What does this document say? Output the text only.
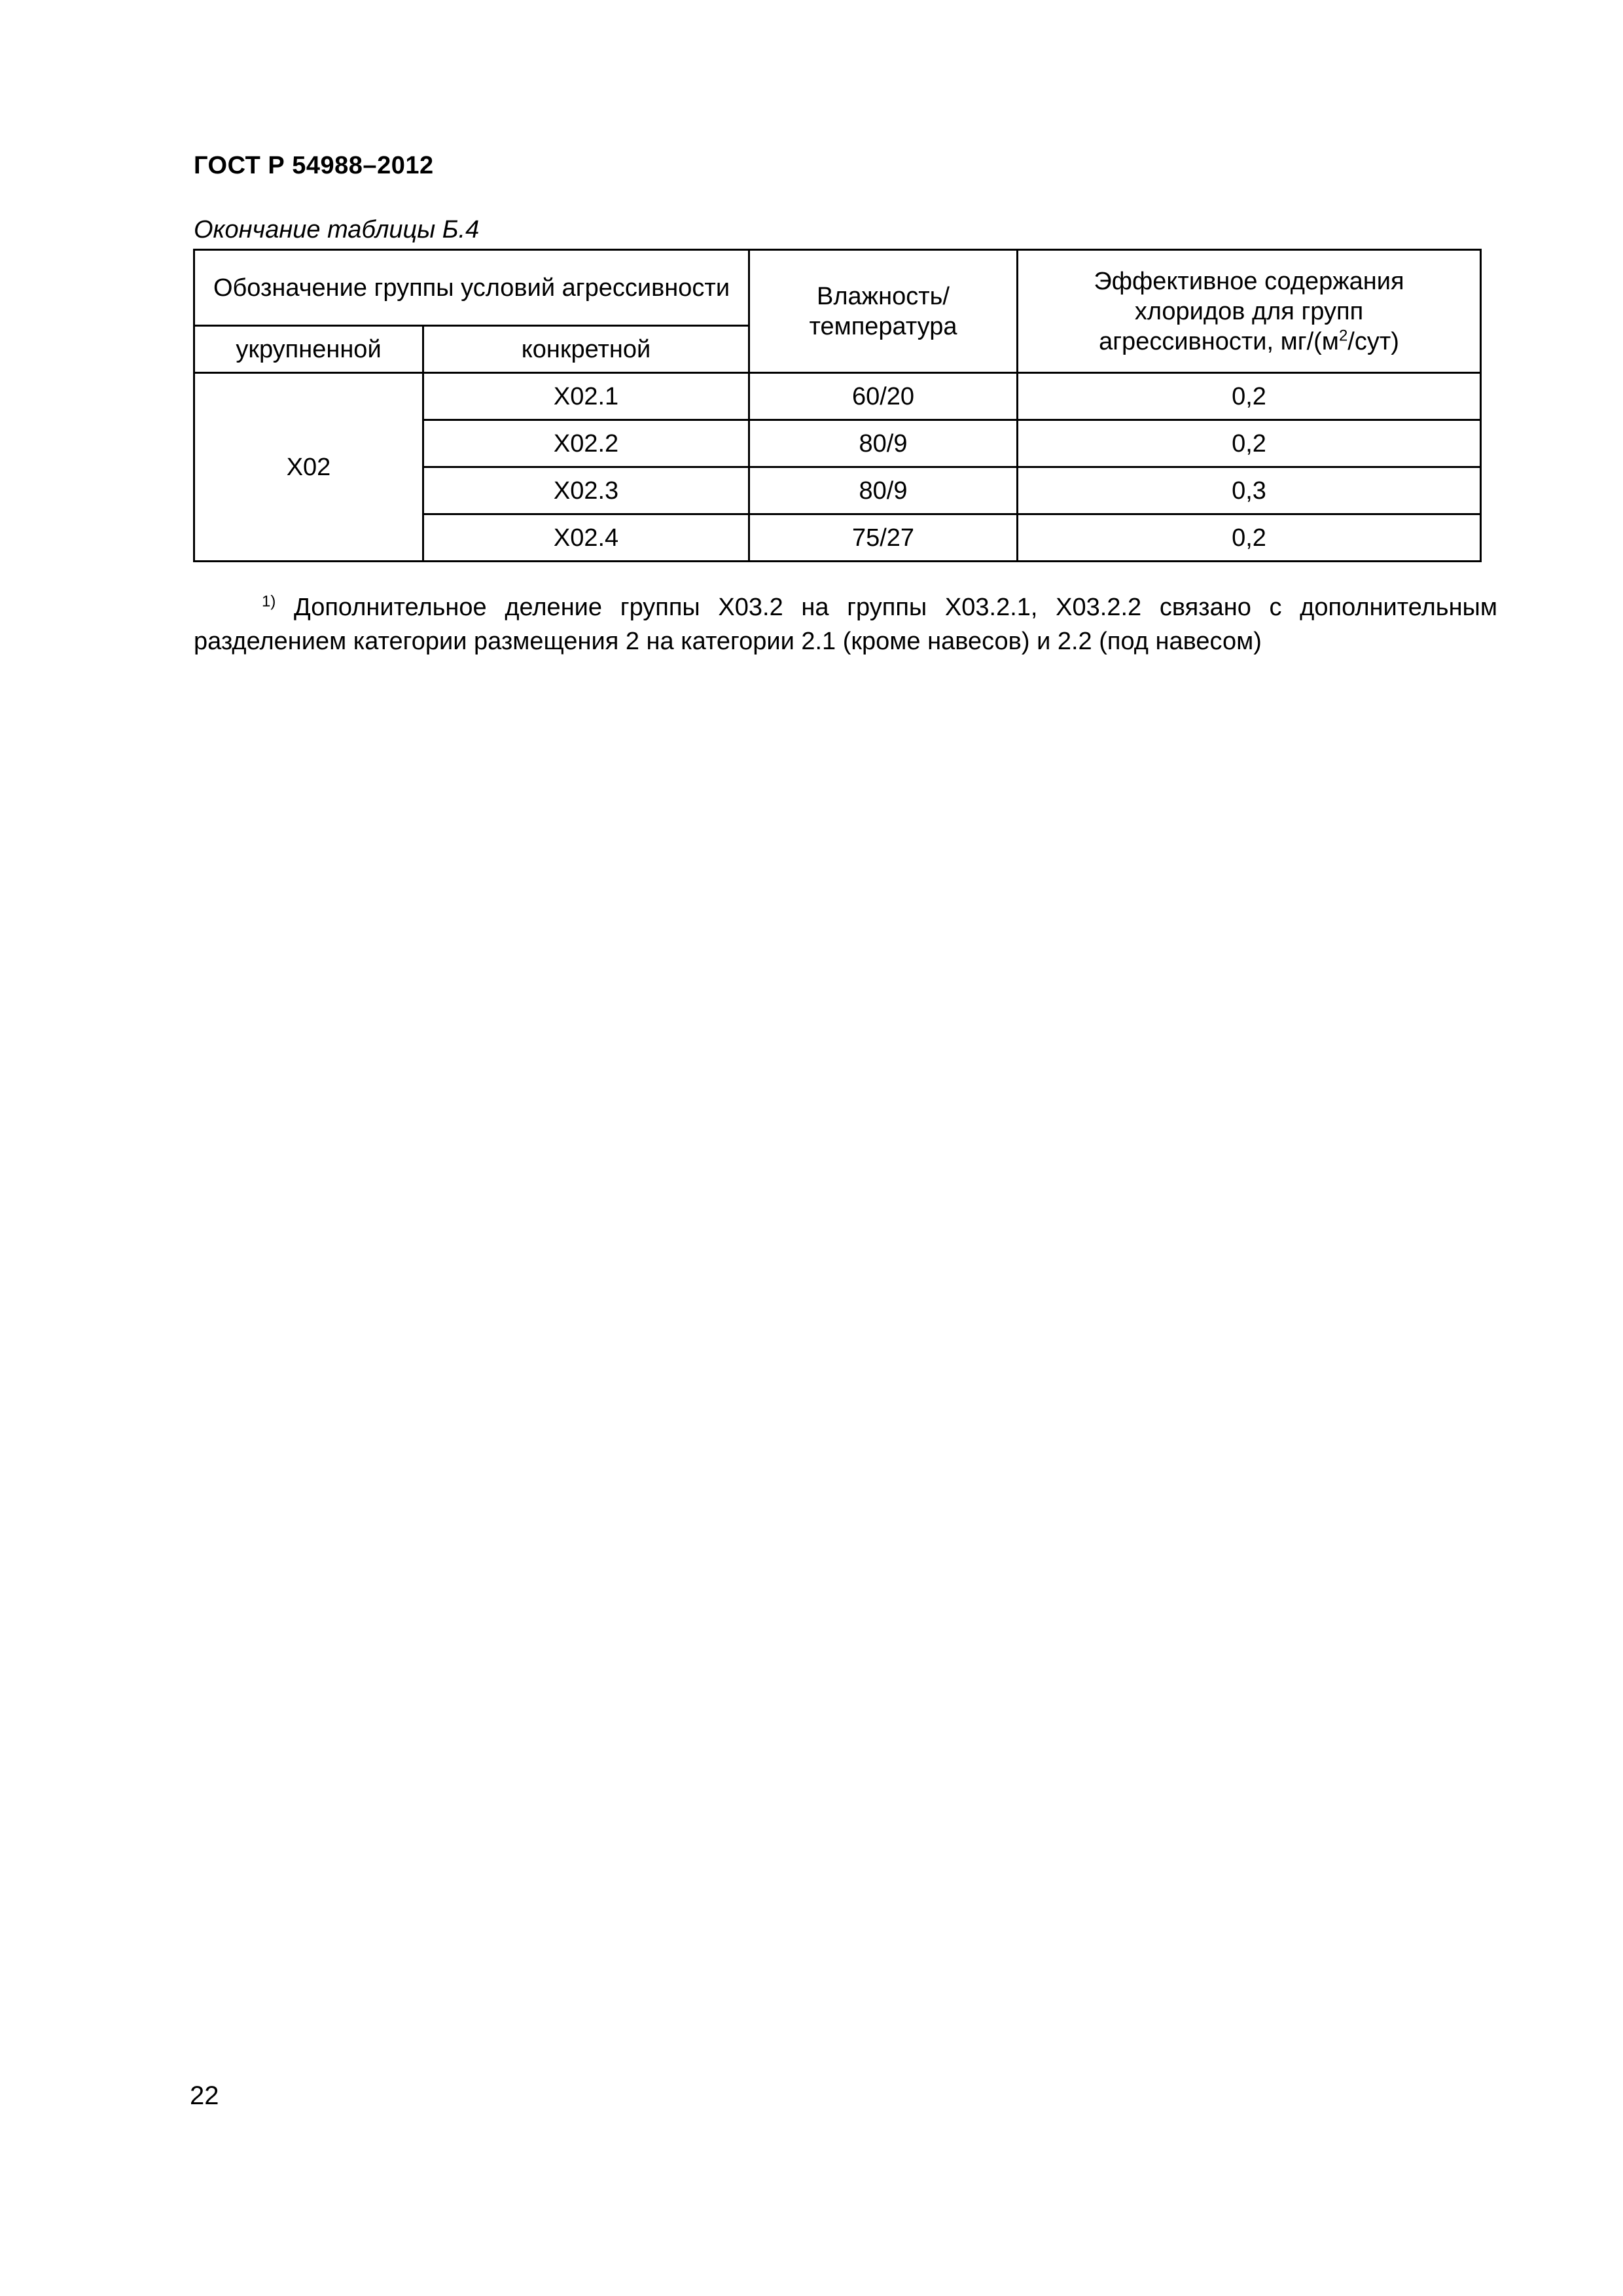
ГОСТ Р 54988–2012
Окончание таблицы Б.4
Обозначение группы условий агрессивности		Влажность/ температура	Эффективное содержания хлоридов для групп агрессивности, $мг/(м^2/сут)$
укрупненной	конкретной		
X02	X02.1	60/20	0,2
	X02.2	80/9	0,2
	X02.3	80/9	0,3
	X02.4	75/27	0,2
$^{1)}$ Дополнительное деление группы X03.2 на группы X03.2.1, X03.2.2 связано с дополнительным разделением категории размещения 2 на категории 2.1 (кроме навесов) и 2.2 (под навесом)
22
